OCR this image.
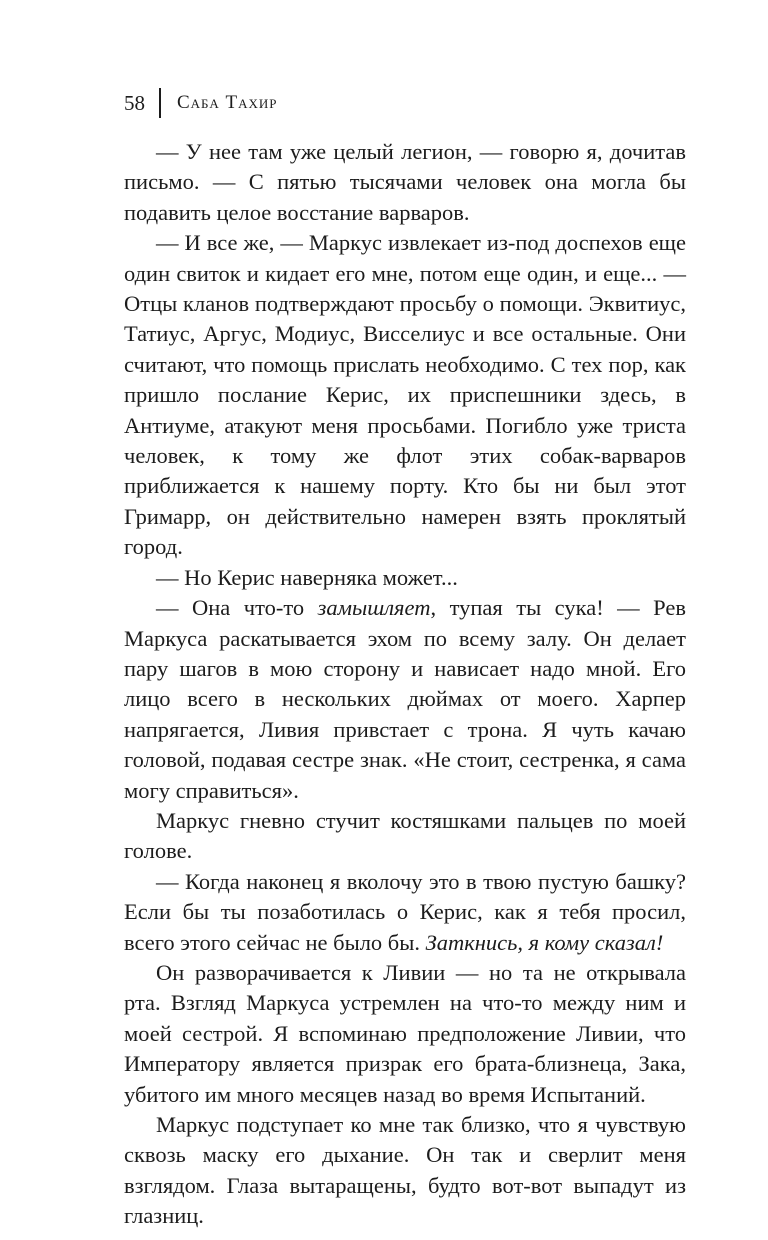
58 Саба Тахир

— У нее там уже целый легион, — говорю я, дочитав письмо. — С пятью тысячами человек она могла бы подавить целое восстание варваров.

— И все же, — Маркус извлекает из-под доспехов еще один свиток и кидает его мне, потом еще один, и еще... — Отцы кланов подтверждают просьбу о помощи. Эквитиус, Татиус, Аргус, Модиус, Висселиус и все остальные. Они считают, что помощь прислать необходимо. С тех пор, как пришло послание Керис, их приспешники здесь, в Антиуме, атакуют меня просьбами. Погибло уже триста человек, к тому же флот этих собак-варваров приближается к нашему порту. Кто бы ни был этот Гримарр, он действительно намерен взять проклятый город.

— Но Керис наверняка может...

— Она что-то замышляет, тупая ты сука! — Рев Маркуса раскатывается эхом по всему залу. Он делает пару шагов в мою сторону и нависает надо мной. Его лицо всего в нескольких дюймах от моего. Харпер напрягается, Ливия привстает с трона. Я чуть качаю головой, подавая сестре знак. «Не стоит, сестренка, я сама могу справиться».

Маркус гневно стучит костяшками пальцев по моей голове.

— Когда наконец я вколочу это в твою пустую башку? Если бы ты позаботилась о Керис, как я тебя просил, всего этого сейчас не было бы. Заткнись, я кому сказал!

Он разворачивается к Ливии — но та не открывала рта. Взгляд Маркуса устремлен на что-то между ним и моей сестрой. Я вспоминаю предположение Ливии, что Императору является призрак его брата-близнеца, Зака, убитого им много месяцев назад во время Испытаний.

Маркус подступает ко мне так близко, что я чувствую сквозь маску его дыхание. Он так и сверлит меня взглядом. Глаза вытаращены, будто вот-вот выпадут из глазниц.
